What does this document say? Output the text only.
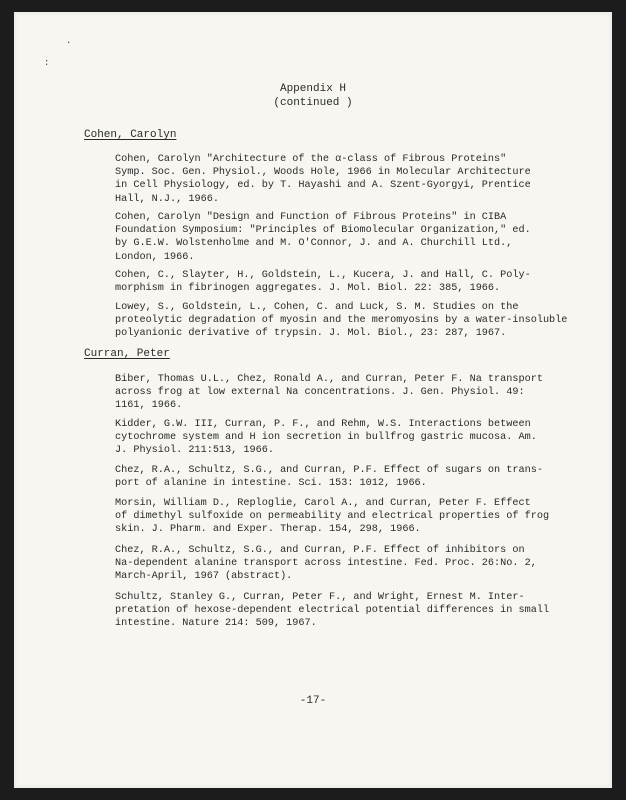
·
:
Appendix H
(continued )
Cohen, Carolyn
Cohen, Carolyn "Architecture of the α-class of Fibrous Proteins"
Symp. Soc. Gen. Physiol., Woods Hole, 1966 in Molecular Architecture
in Cell Physiology, ed. by T. Hayashi and A. Szent-Gyorgyi, Prentice
Hall, N.J., 1966.
Cohen, Carolyn "Design and Function of Fibrous Proteins" in CIBA
Foundation Symposium: "Principles of Biomolecular Organization," ed.
by G.E.W. Wolstenholme and M. O'Connor, J. and A. Churchill Ltd.,
London, 1966.
Cohen, C., Slayter, H., Goldstein, L., Kucera, J. and Hall, C. Poly-
morphism in fibrinogen aggregates. J. Mol. Biol. 22: 385, 1966.
Lowey, S., Goldstein, L., Cohen, C. and Luck, S. M. Studies on the
proteolytic degradation of myosin and the meromyosins by a water-insoluble
polyanionic derivative of trypsin. J. Mol. Biol., 23: 287, 1967.
Curran, Peter
Biber, Thomas U.L., Chez, Ronald A., and Curran, Peter F. Na transport
across frog at low external Na concentrations. J. Gen. Physiol. 49:
1161, 1966.
Kidder, G.W. III, Curran, P. F., and Rehm, W.S. Interactions between
cytochrome system and H ion secretion in bullfrog gastric mucosa. Am.
J. Physiol. 211:513, 1966.
Chez, R.A., Schultz, S.G., and Curran, P.F. Effect of sugars on trans-
port of alanine in intestine. Sci. 153: 1012, 1966.
Morsin, William D., Reploglie, Carol A., and Curran, Peter F. Effect
of dimethyl sulfoxide on permeability and electrical properties of frog
skin. J. Pharm. and Exper. Therap. 154, 298, 1966.
Chez, R.A., Schultz, S.G., and Curran, P.F. Effect of inhibitors on
Na-dependent alanine transport across intestine. Fed. Proc. 26:No. 2,
March-April, 1967 (abstract).
Schultz, Stanley G., Curran, Peter F., and Wright, Ernest M. Inter-
pretation of hexose-dependent electrical potential differences in small
intestine. Nature 214: 509, 1967.
-17-
